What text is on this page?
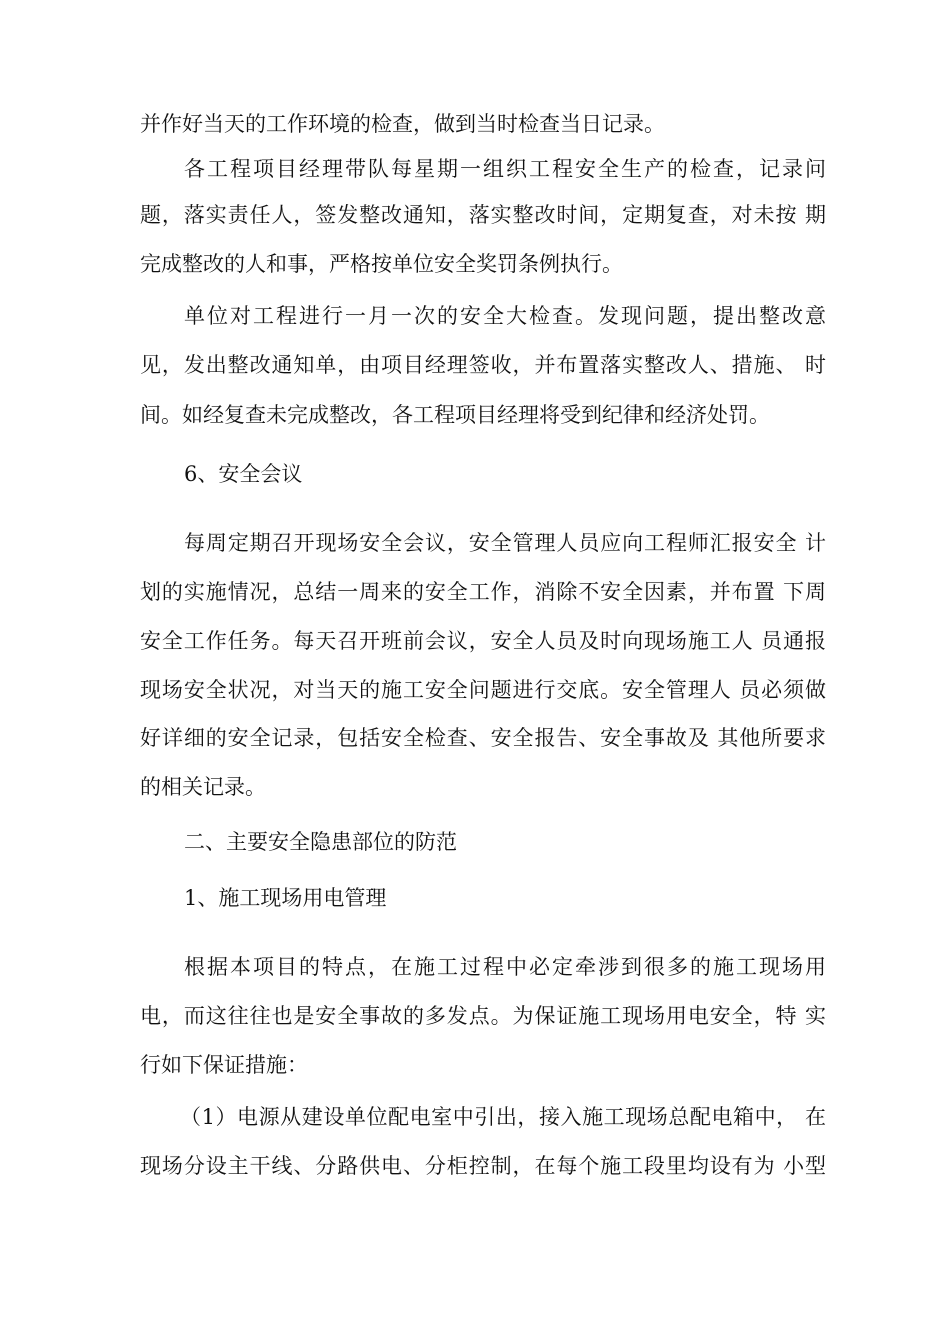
并作好当天的工作环境的检查，做到当时检查当日记录。
各工程项目经理带队每星期一组织工程安全生产的检查，记录问
题，落实责任人，签发整改通知，落实整改时间，定期复查，对未按 期
完成整改的人和事，严格按单位安全奖罚条例执行。
单位对工程进行一月一次的安全大检查。发现问题，提出整改意
见，发出整改通知单，由项目经理签收，并布置落实整改人、措施、 时
间。如经复查未完成整改，各工程项目经理将受到纪律和经济处罚。
6、安全会议
每周定期召开现场安全会议，安全管理人员应向工程师汇报安全 计
划的实施情况，总结一周来的安全工作，消除不安全因素，并布置 下周
安全工作任务。每天召开班前会议，安全人员及时向现场施工人 员通报
现场安全状况，对当天的施工安全问题进行交底。安全管理人 员必须做
好详细的安全记录，包括安全检查、安全报告、安全事故及 其他所要求
的相关记录。
二、主要安全隐患部位的防范
1、施工现场用电管理
根据本项目的特点，在施工过程中必定牵涉到很多的施工现场用
电，而这往往也是安全事故的多发点。为保证施工现场用电安全，特 实
行如下保证措施：
（1）电源从建设单位配电室中引出，接入施工现场总配电箱中， 在
现场分设主干线、分路供电、分柜控制，在每个施工段里均设有为 小型
